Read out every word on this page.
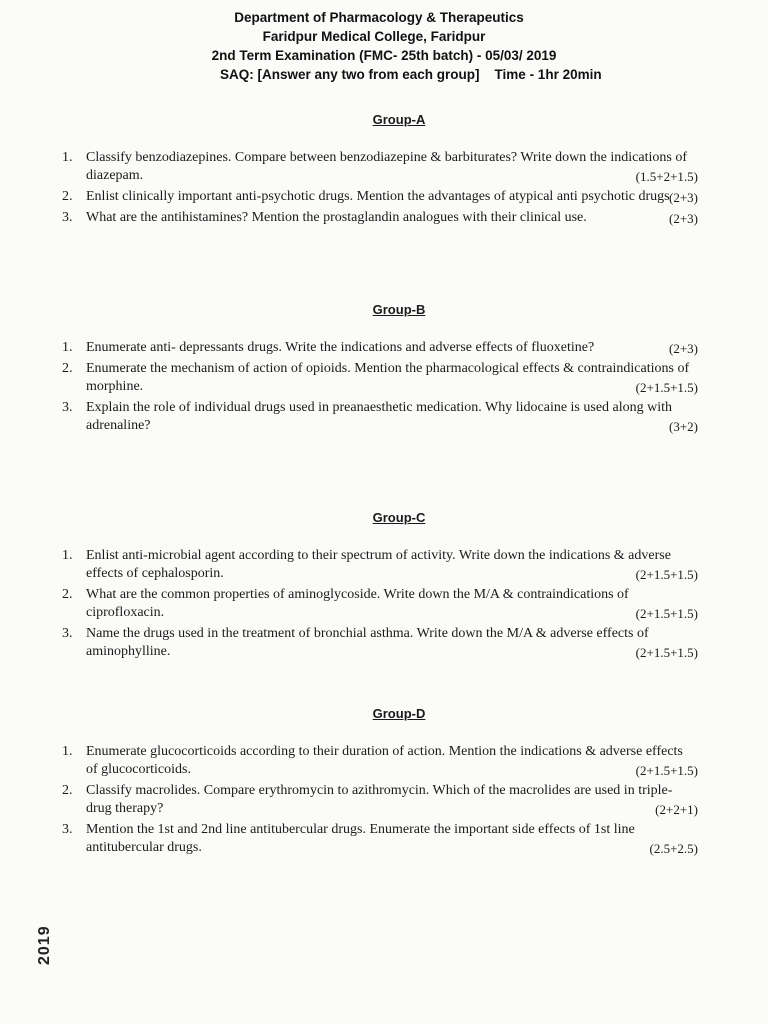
Department of Pharmacology & Therapeutics
Faridpur Medical College, Faridpur
2nd Term Examination (FMC- 25th batch) - 05/03/ 2019
SAQ: [Answer any two from each group] Time - 1hr 20min
Group-A
1. Classify benzodiazepines. Compare between benzodiazepine & barbiturates? Write down the indications of diazepam.	(1.5+2+1.5)
2. Enlist clinically important anti-psychotic drugs. Mention the advantages of atypical anti psychotic drugs (2+3)
3. What are the antihistamines? Mention the prostaglandin analogues with their clinical use.	(2+3)
Group-B
1. Enumerate anti- depressants drugs. Write the indications and adverse effects of fluoxetine?	(2+3)
2. Enumerate the mechanism of action of opioids. Mention the pharmacological effects & contraindications of morphine.	(2+1.5+1.5)
3. Explain the role of individual drugs used in preanaesthetic medication. Why lidocaine is used along with adrenaline?	(3+2)
Group-C
1. Enlist anti-microbial agent according to their spectrum of activity. Write down the indications & adverse effects of cephalosporin.	(2+1.5+1.5)
2. What are the common properties of aminoglycoside. Write down the M/A & contraindications of ciprofloxacin.	(2+1.5+1.5)
3. Name the drugs used in the treatment of bronchial asthma. Write down the M/A & adverse effects of aminophylline.	(2+1.5+1.5)
Group-D
1. Enumerate glucocorticoids according to their duration of action. Mention the indications & adverse effects of glucocorticoids.	(2+1.5+1.5)
2. Classify macrolides. Compare erythromycin to azithromycin. Which of the macrolides are used in triple-drug therapy?	(2+2+1)
3. Mention the 1st and 2nd line antitubercular drugs. Enumerate the important side effects of 1st line antitubercular drugs.	(2.5+2.5)
2019
